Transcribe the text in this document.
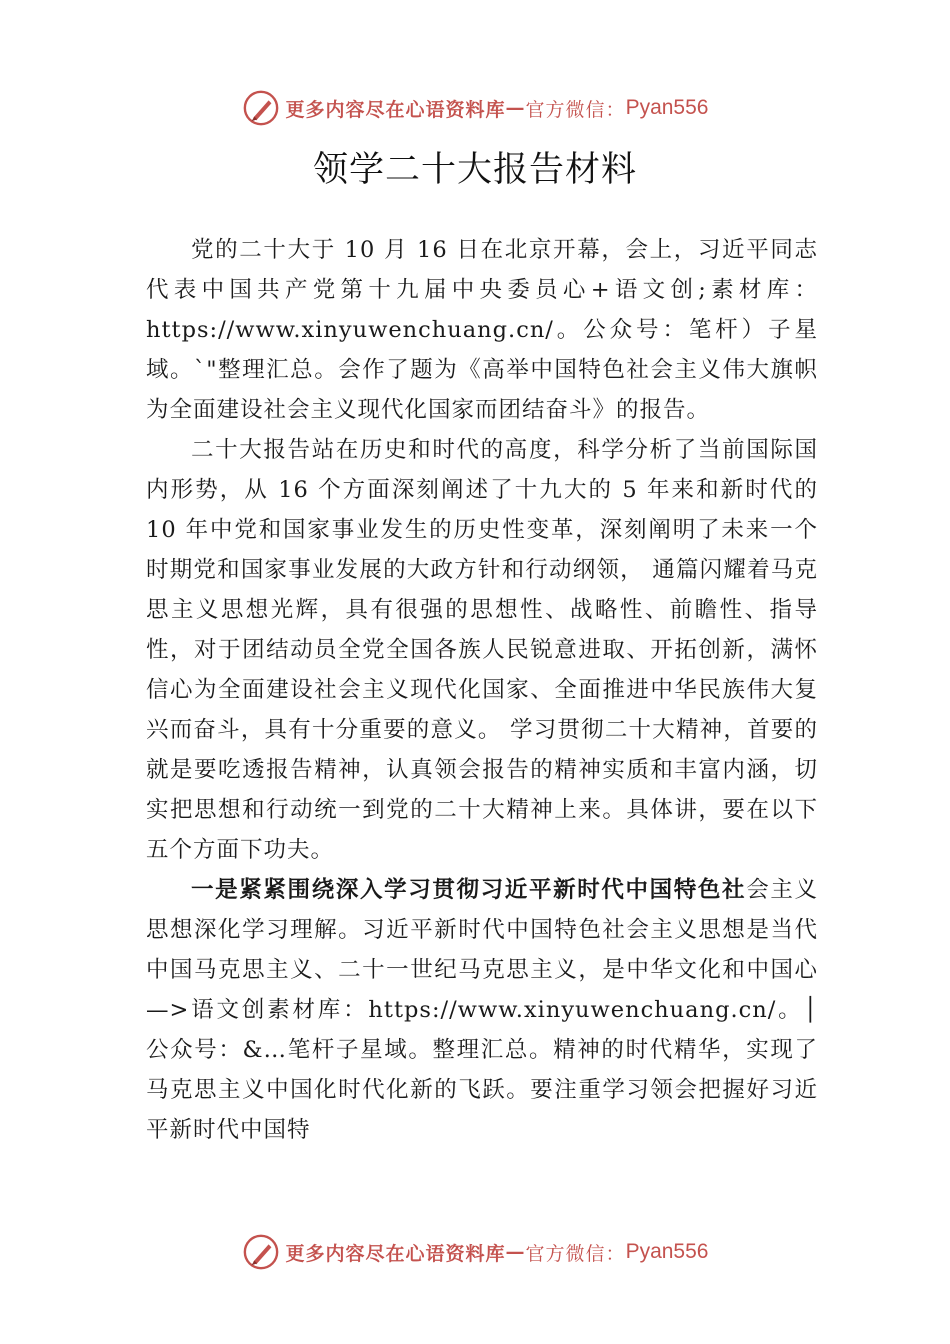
更多内容尽在心语资料库 — 官方微信： Pyan556
领学二十大报告材料

党的二十大于 10 月 16 日在北京开幕，会上，习近平同志代表中国共产党第十九届中央委员心+语文创;素材库：https://www.xinyuwenchuang.cn/。公众号：笔杆）子星域。`"整理汇总。会作了题为《高举中国特色社会主义伟大旗帜 为全面建设社会主义现代化国家而团结奋斗》的报告。

二十大报告站在历史和时代的高度，科学分析了当前国际国内形势，从 16 个方面深刻阐述了十九大的 5 年来和新时代的 10 年中党和国家事业发生的历史性变革，深刻阐明了未来一个时期党和国家事业发展的大政方针和行动纲领， 通篇闪耀着马克思主义思想光辉，具有很强的思想性、战略性、前瞻性、指导性，对于团结动员全党全国各族人民锐意进取、开拓创新，满怀信心为全面建设社会主义现代化国家、全面推进中华民族伟大复兴而奋斗，具有十分重要的意义。 学习贯彻二十大精神，首要的就是要吃透报告精神，认真领会报告的精神实质和丰富内涵，切实把思想和行动统一到党的二十大精神上来。具体讲，要在以下五个方面下功夫。

一是紧紧围绕深入学习贯彻习近平新时代中国特色社会主义思想深化学习理解。习近平新时代中国特色社会主义思想是当代中国马克思主义、二十一世纪马克思主义，是中华文化和中国心—>语文创素材库：https://www.xinyuwenchuang.cn/。│公众号：&…笔杆子星域。整理汇总。精神的时代精华，实现了马克思主义中国化时代化新的飞跃。要注重学习领会把握好习近平新时代中国特

更多内容尽在心语资料库 — 官方微信： Pyan556
